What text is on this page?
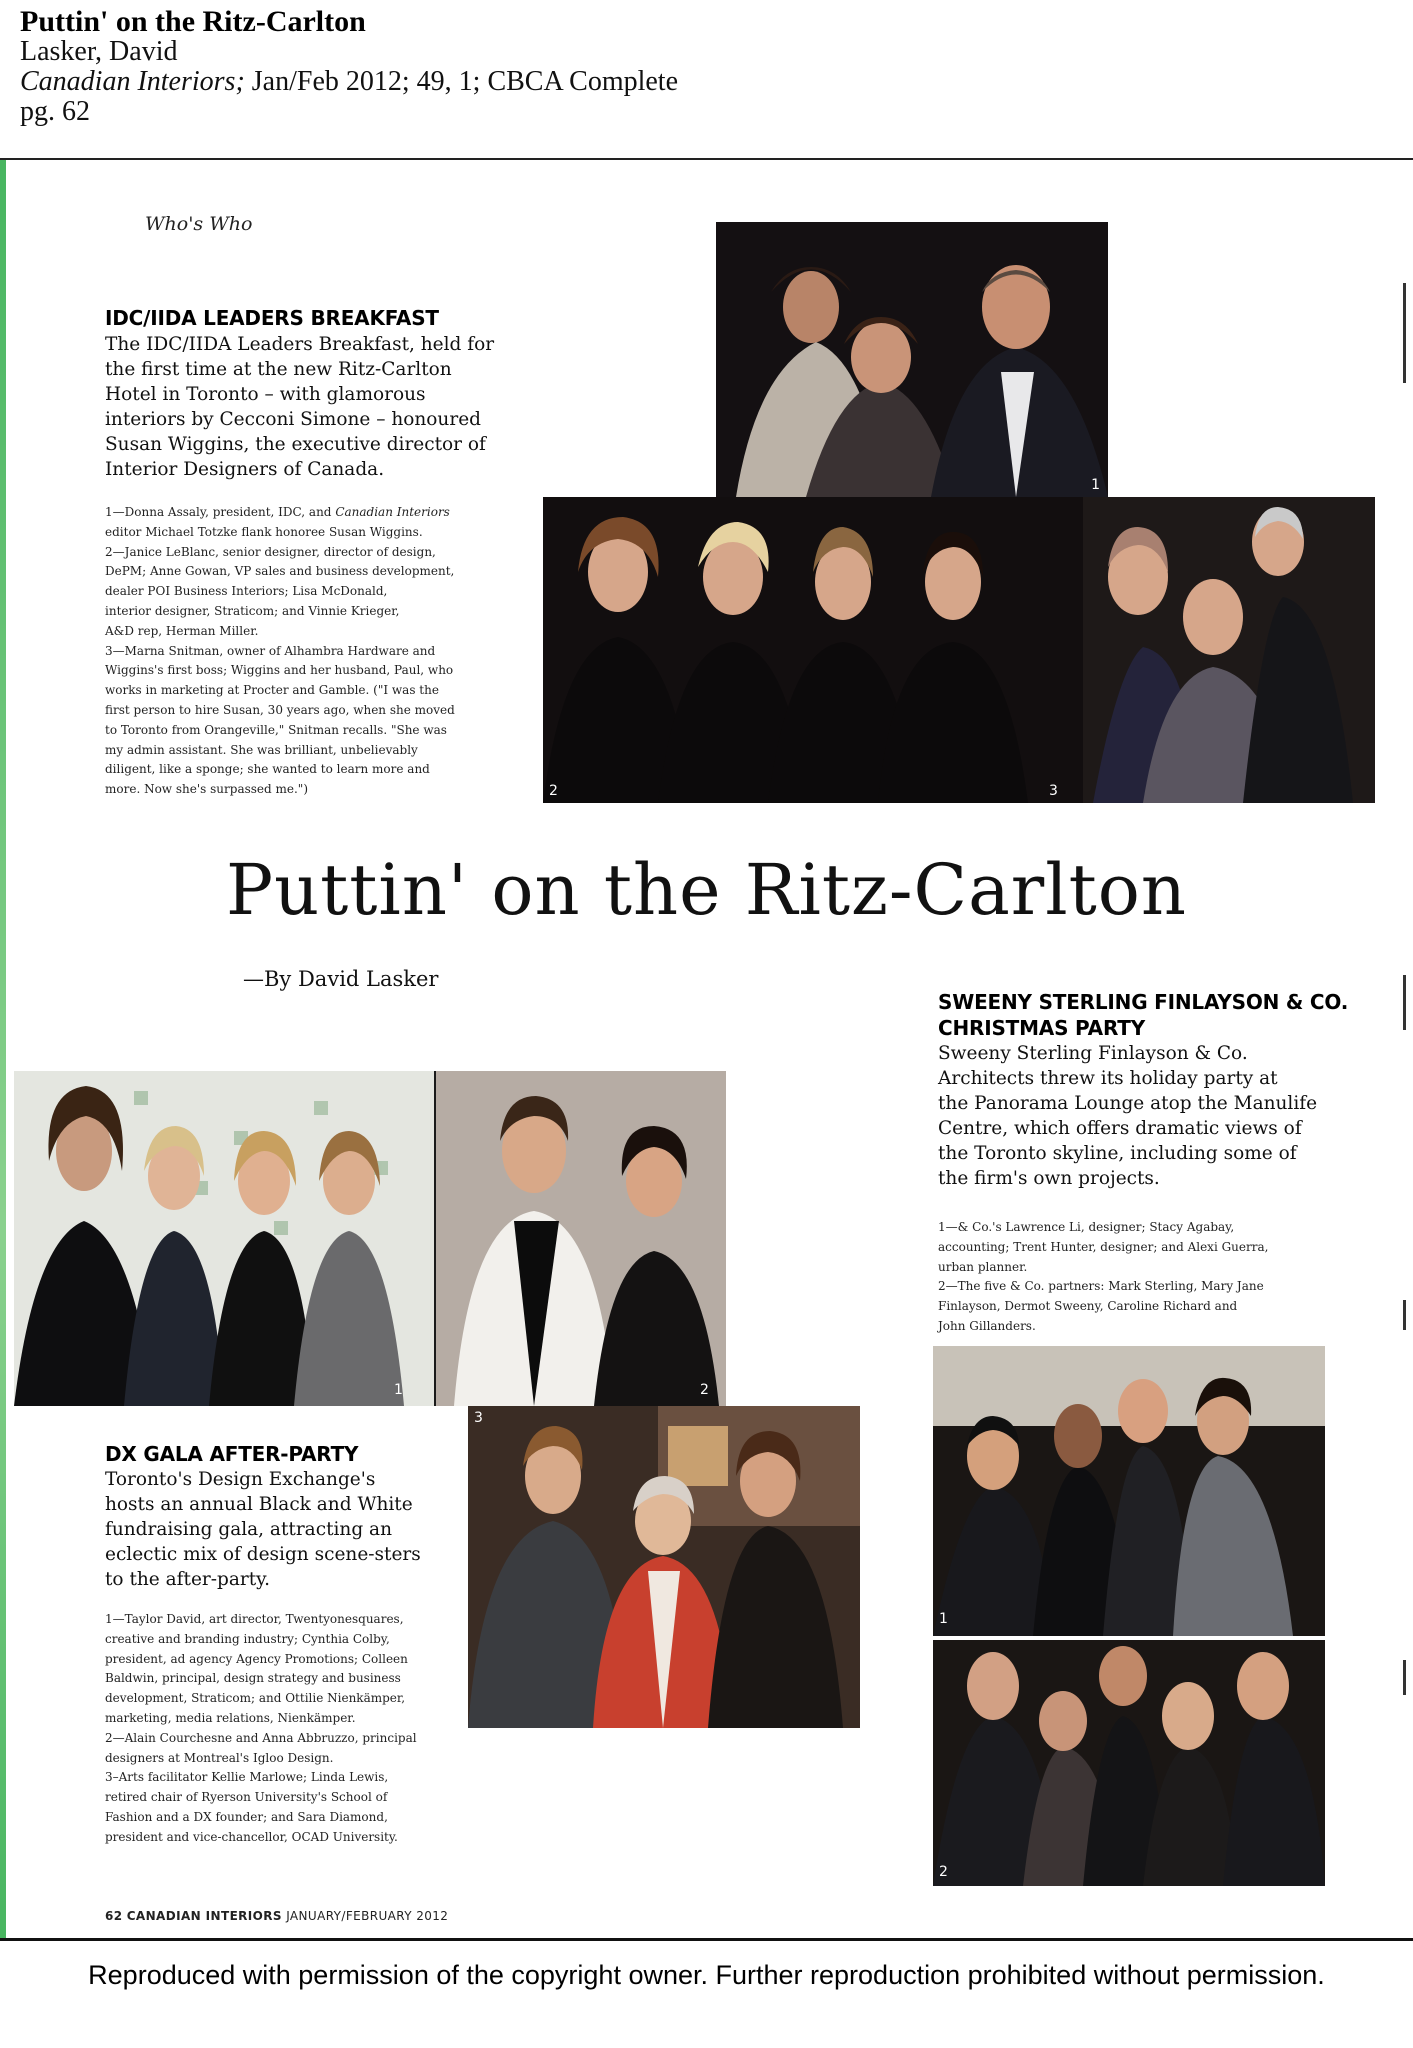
Puttin' on the Ritz-Carlton
Lasker, David
Canadian Interiors; Jan/Feb 2012; 49, 1; CBCA Complete
pg. 62
Who's Who
IDC/IIDA LEADERS BREAKFAST
The IDC/IIDA Leaders Breakfast, held for
the first time at the new Ritz-Carlton
Hotel in Toronto – with glamorous
interiors by Cecconi Simone – honoured
Susan Wiggins, the executive director of
Interior Designers of Canada.

1—Donna Assaly, president, IDC, and Canadian Interiors

editor Michael Totzke flank honoree Susan Wiggins.

2—Janice LeBlanc, senior designer, director of design,

DePM; Anne Gowan, VP sales and business development,

dealer POI Business Interiors; Lisa McDonald,

interior designer, Straticom; and Vinnie Krieger,

A&D rep, Herman Miller.

3—Marna Snitman, owner of Alhambra Hardware and

Wiggins's first boss; Wiggins and her husband, Paul, who

works in marketing at Procter and Gamble. ("I was the

first person to hire Susan, 30 years ago, when she moved

to Toronto from Orangeville," Snitman recalls. "She was

my admin assistant. She was brilliant, unbelievably

diligent, like a sponge; she wanted to learn more and

more. Now she's surpassed me.")

1
2	3
Puttin' on the Ritz-Carlton
—By David Lasker
SWEENY STERLING FINLAYSON & CO.
CHRISTMAS PARTY
Sweeny Sterling Finlayson & Co.
Architects threw its holiday party at
the Panorama Lounge atop the Manulife
Centre, which offers dramatic views of
the Toronto skyline, including some of
the firm's own projects.

1—& Co.'s Lawrence Li, designer; Stacy Agabay,

accounting; Trent Hunter, designer; and Alexi Guerra,

urban planner.

2—The five & Co. partners: Mark Sterling, Mary Jane

Finlayson, Dermot Sweeny, Caroline Richard and

John Gillanders.

1
2
1	2
3
DX GALA AFTER-PARTY
Toronto's Design Exchange's
hosts an annual Black and White
fundraising gala, attracting an
eclectic mix of design scene-sters
to the after-party.

1—Taylor David, art director, Twentyonesquares,

creative and branding industry; Cynthia Colby,

president, ad agency Agency Promotions; Colleen

Baldwin, principal, design strategy and business

development, Straticom; and Ottilie Nienkämper,

marketing, media relations, Nienkämper.

2—Alain Courchesne and Anna Abbruzzo, principal

designers at Montreal's Igloo Design.

3–Arts facilitator Kellie Marlowe; Linda Lewis,

retired chair of Ryerson University's School of

Fashion and a DX founder; and Sara Diamond,

president and vice-chancellor, OCAD University.

62 CANADIAN INTERIORS JANUARY/FEBRUARY 2012
Reproduced with permission of the copyright owner. Further reproduction prohibited without permission.
